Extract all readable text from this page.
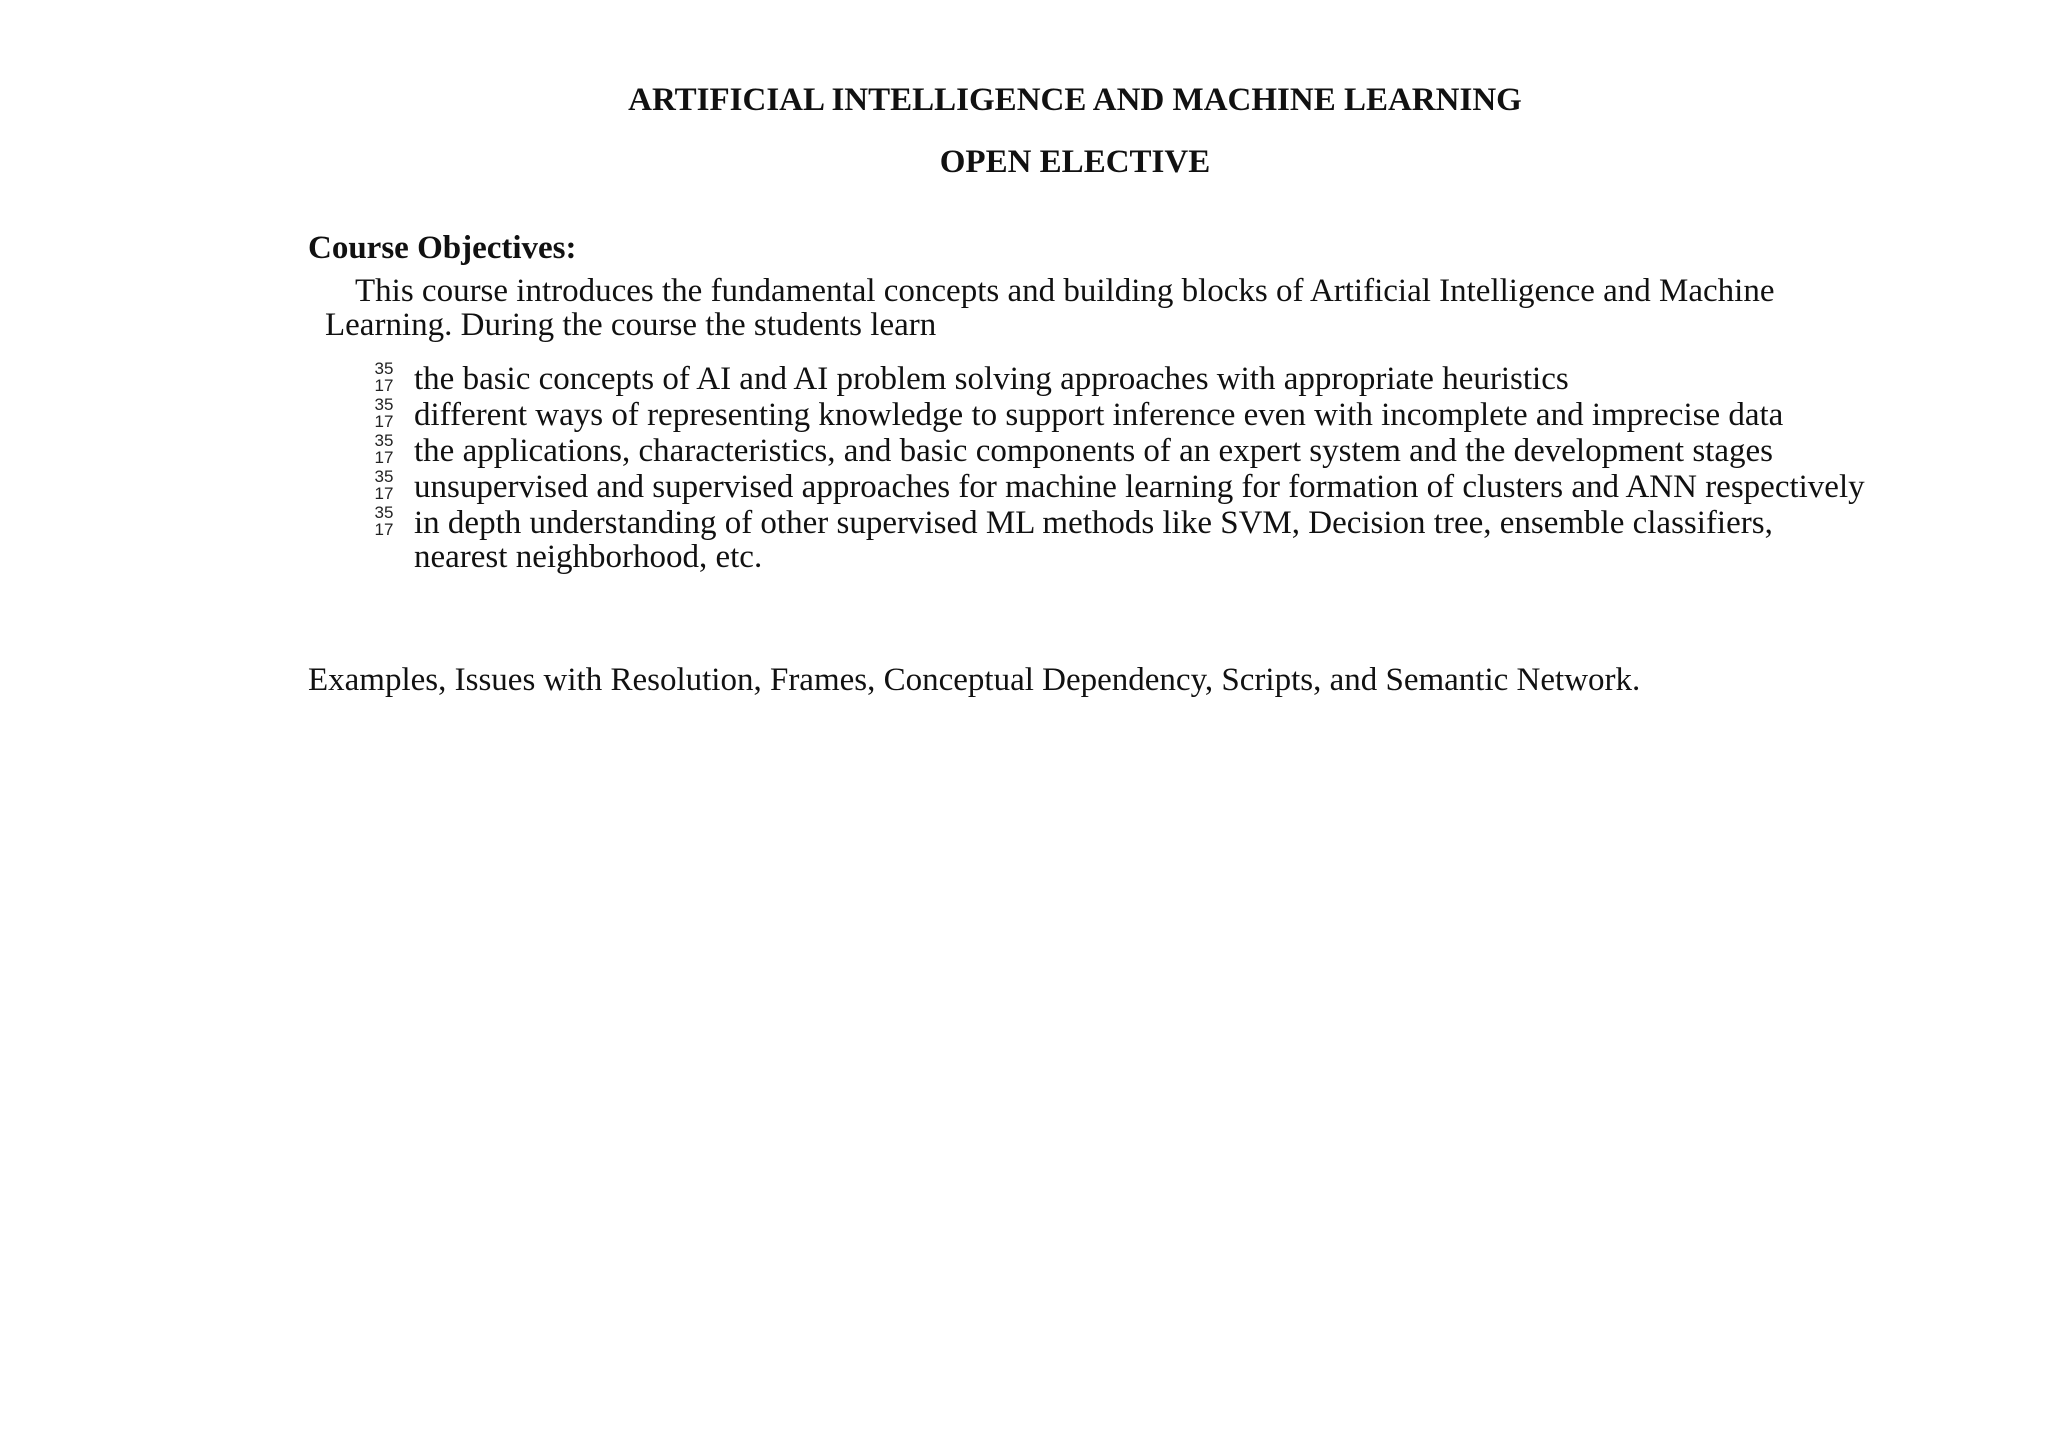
ARTIFICIAL INTELLIGENCE AND MACHINE LEARNING
OPEN ELECTIVE
Course Objectives:
This course introduces the fundamental concepts and building blocks of Artificial Intelligence and Machine Learning. During the course the students learn
35
17 the basic concepts of AI and AI problem solving approaches with appropriate heuristics
35
17 different ways of representing knowledge to support inference even with incomplete and imprecise data
35
17 the applications, characteristics, and basic components of an expert system and the development stages
35
17 unsupervised and supervised approaches for machine learning for formation of clusters and ANN respectively
35
17 in depth understanding of other supervised ML methods like SVM, Decision tree, ensemble classifiers, nearest neighborhood, etc.
Examples, Issues with Resolution, Frames, Conceptual Dependency, Scripts, and Semantic Network.
